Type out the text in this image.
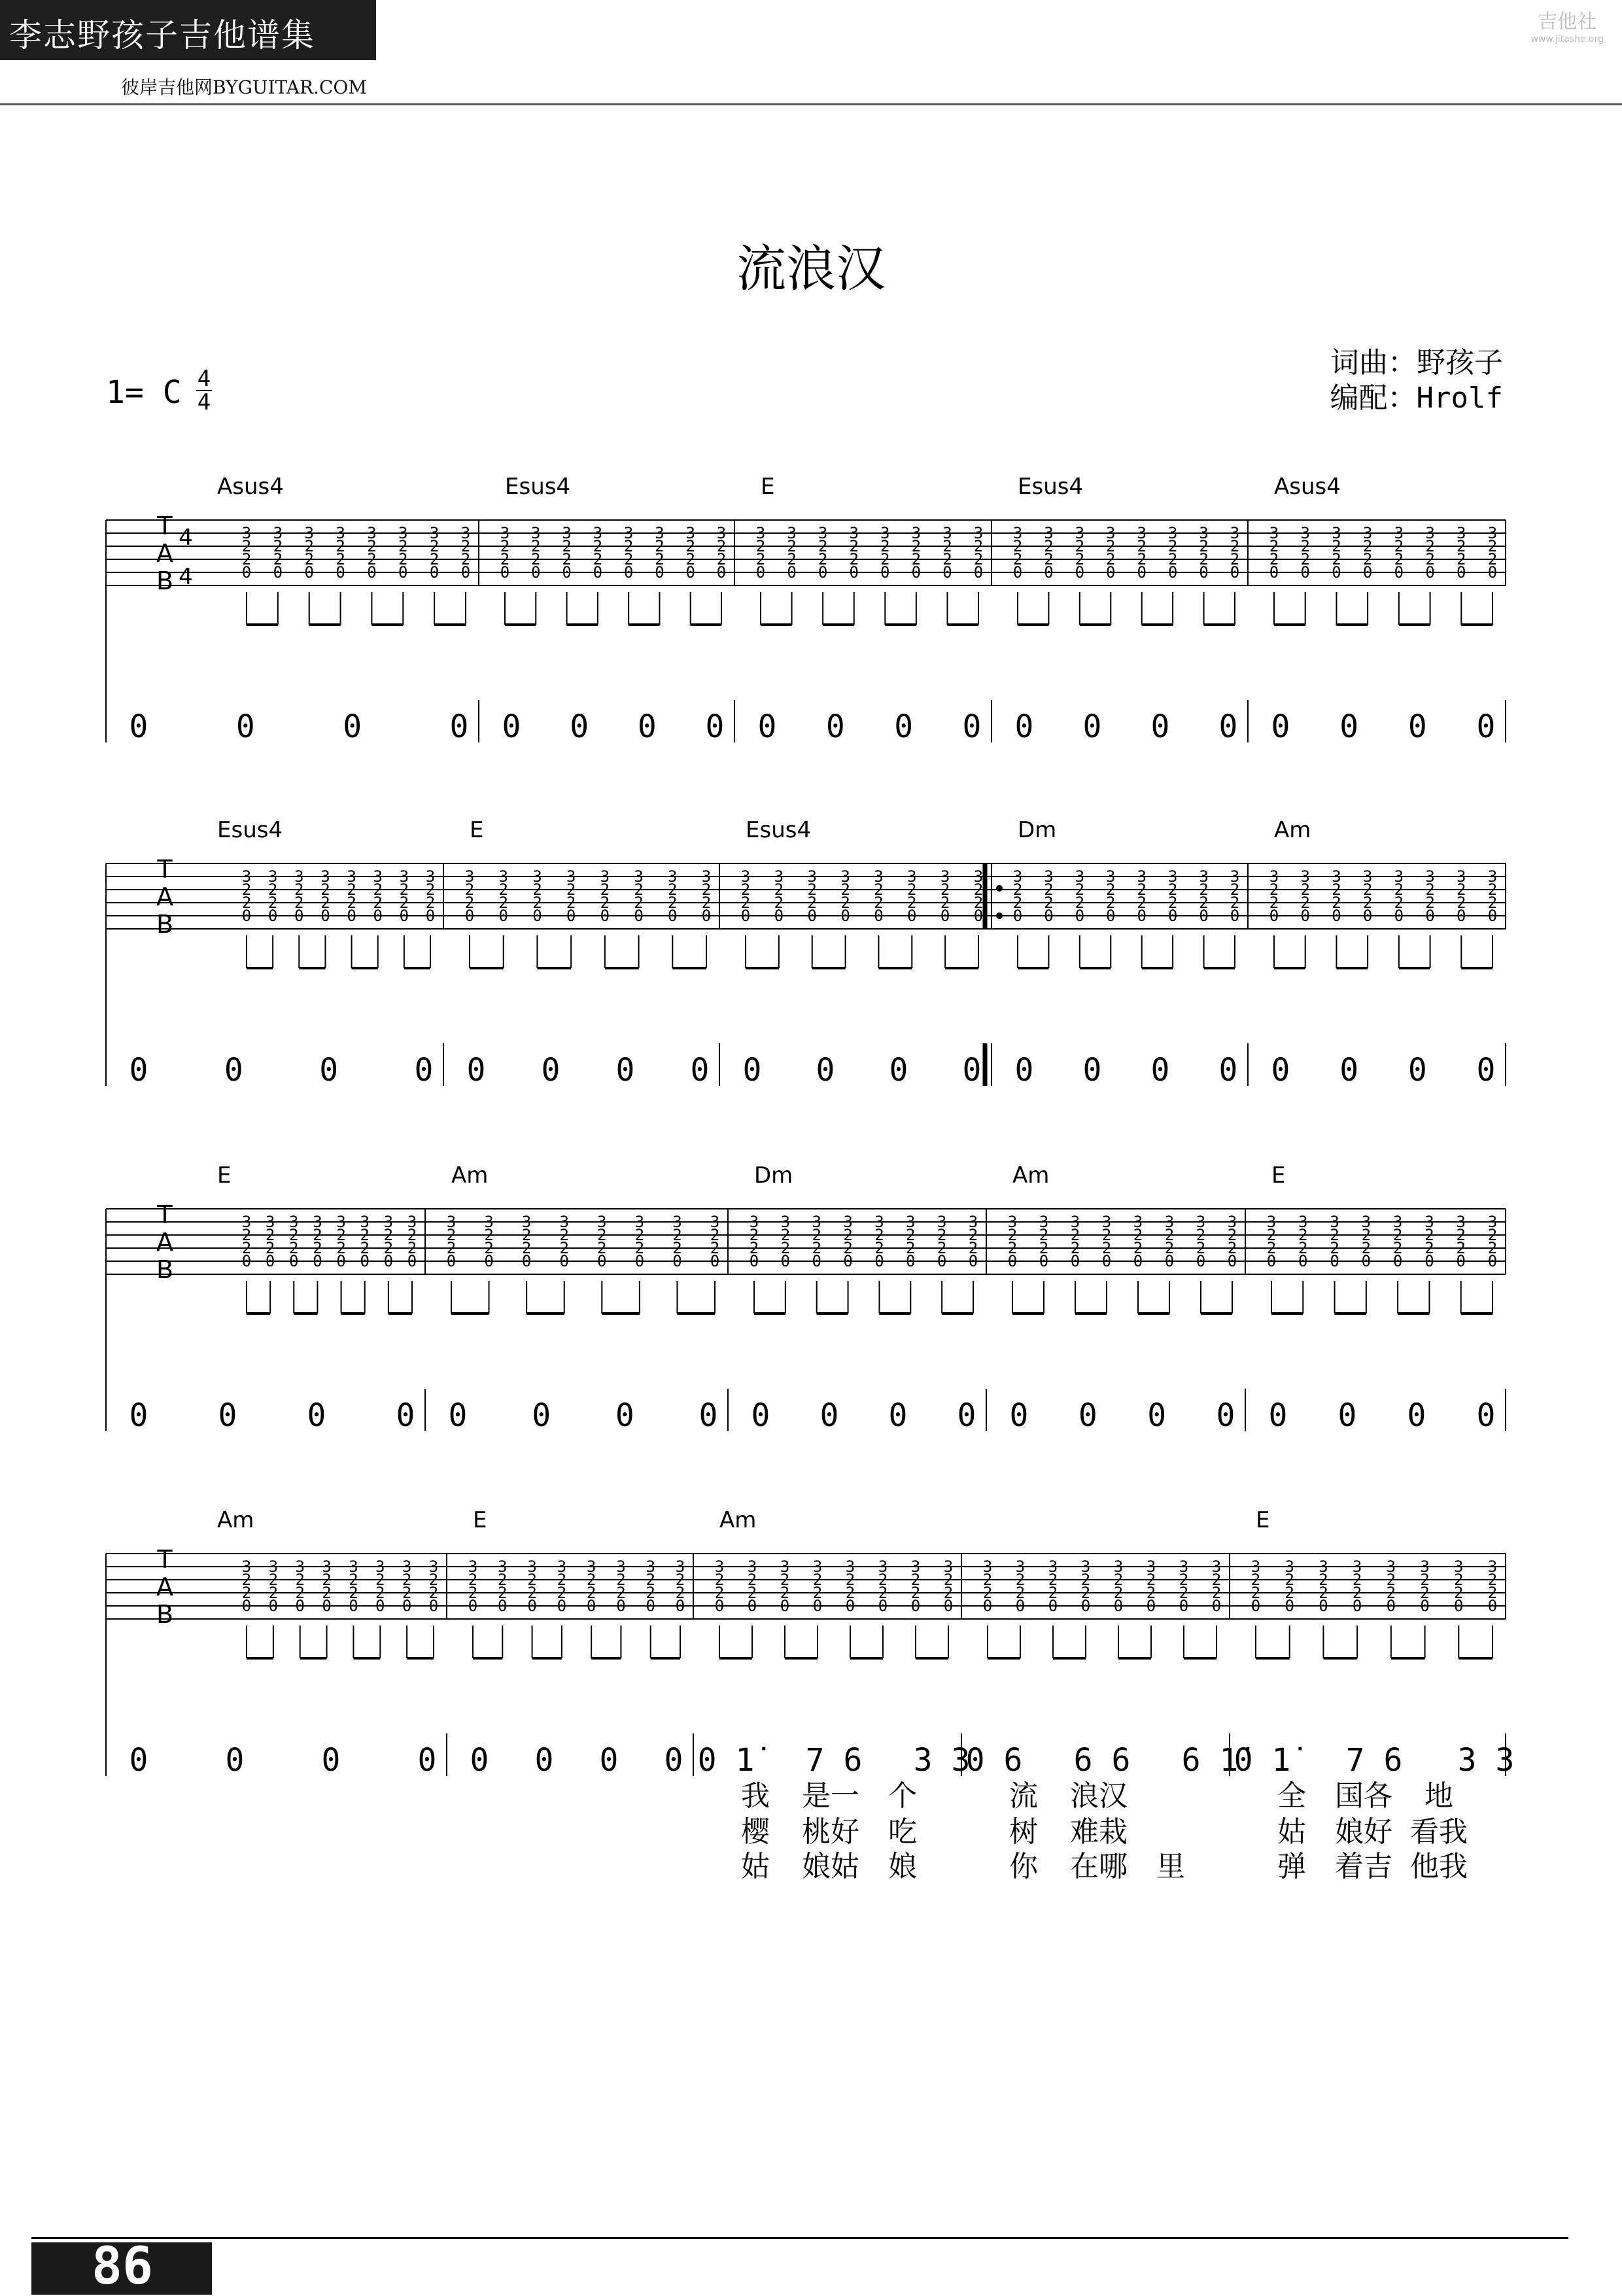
李志野孩子吉他谱集
彼岸吉他网BYGUITAR.COM
吉他社
www.jitashe.org
流浪汉
1= C 4
4
词曲：野孩子
编配：Hrolf
T
A
B
4
4
Asus4
3
2
2
0
3
2
2
0
3
2
2
0
3
2
2
0
3
2
2
0
3
2
2
0
3
2
2
0
3
2
2
0
0	0	0	0
Esus4
3
2
2
0
3
2
2
0
3
2
2
0
3
2
2
0
3
2
2
0
3
2
2
0
3
2
2
0
3
2
2
0
0 0 0 0
E
3
2
2
0
3
2
2
0
3
2
2
0
3
2
2
0
3
2
2
0
3
2
2
0
3
2
2
0
3
2
2
0
0 0 0 0
Esus4
3
2
2
0
3
2
2
0
3
2
2
0
3
2
2
0
3
2
2
0
3
2
2
0
3
2
2
0
3
2
2
0
0 0 0 0
Asus4
3
2
2
0
3
2
2
0
3
2
2
0
3
2
2
0
3
2
2
0
3
2
2
0
3
2
2
0
3
2
2
0
0 0 0 0
T
A
B
Esus4
3
2
2
0
3
2
2
0
3
2
2
0
3
2
2
0
3
2
2
0
3
2
2
0
3
2
2
0
3
2
2
0
0 0 0 0
E
3
2
2
0
3
2
2
0
3
2
2
0
3
2
2
0
3
2
2
0
3
2
2
0
3
2
2
0
3
2
2
0
0 0 0 0
Esus4
3
2
2
0
3
2
2
0
3
2
2
0
3
2
2
0
3
2
2
0
3
2
2
0
3
2
2
0
3
2
2
0
0 0 0 0
Dm
3
2
2
0
3
2
2
0
3
2
2
0
3
2
2
0
3
2
2
0
3
2
2
0
3
2
2
0
3
2
2
0
0 0 0 0
Am
3
2
2
0
3
2
2
0
3
2
2
0
3
2
2
0
3
2
2
0
3
2
2
0
3
2
2
0
3
2
2
0
0 0 0 0
T
A
B
E
3
2
2
0
3
2
2
0
3
2
2
0
3
2
2
0
3
2
2
0
3
2
2
0
3
2
2
0
3
2
2
0
0 0 0 0
Am
3
2
2
0
3
2
2
0
3
2
2
0
3
2
2
0
3
2
2
0
3
2
2
0
3
2
2
0
3
2
2
0
0 0 0 0
Dm
3
2
2
0
3
2
2
0
3
2
2
0
3
2
2
0
3
2
2
0
3
2
2
0
3
2
2
0
3
2
2
0
0 0 0 0
Am
3
2
2
0
3
2
2
0
3
2
2
0
3
2
2
0
3
2
2
0
3
2
2
0
3
2
2
0
3
2
2
0
0 0 0 0
E
3
2
2
0
3
2
2
0
3
2
2
0
3
2
2
0
3
2
2
0
3
2
2
0
3
2
2
0
3
2
2
0
0 0 0 0
T
A
B
Am
3
2
2
0
3
2
2
0
3
2
2
0
3
2
2
0
3
2
2
0
3
2
2
0
3
2
2
0
3
2
2
0
0 0 0 0
E
3
2
2
0
3
2
2
0
3
2
2
0
3
2
2
0
3
2
2
0
3
2
2
0
3
2
2
0
3
2
2
0
0 0 0 0
Am
3
2
2
0
3
2
2
0
3
2
2
0
3
2
2
0
3
2
2
0
3
2
2
0
3
2
2
0
3
2
2
0
0 1̇	7 6 3 3
3
2
2
0
3
2
2
0
3
2
2
0
3
2
2
0
3
2
2
0
3
2
2
0
3
2
2
0
3
2
2
0
0 6 6 6 6 1̇
E
3
2
2
0
3
2
2
0
3
2
2
0
3
2
2
0
3
2
2
0
3
2
2
0
3
2
2
0
3
2
2
0
0 1̇	7 6 3 3
我 是一 个	流 浪汉	全 国各 地
樱 桃好 吃	树 难栽	姑 娘好 看我
姑 娘姑 娘	你 在哪 里	弹 着吉 他我
86
